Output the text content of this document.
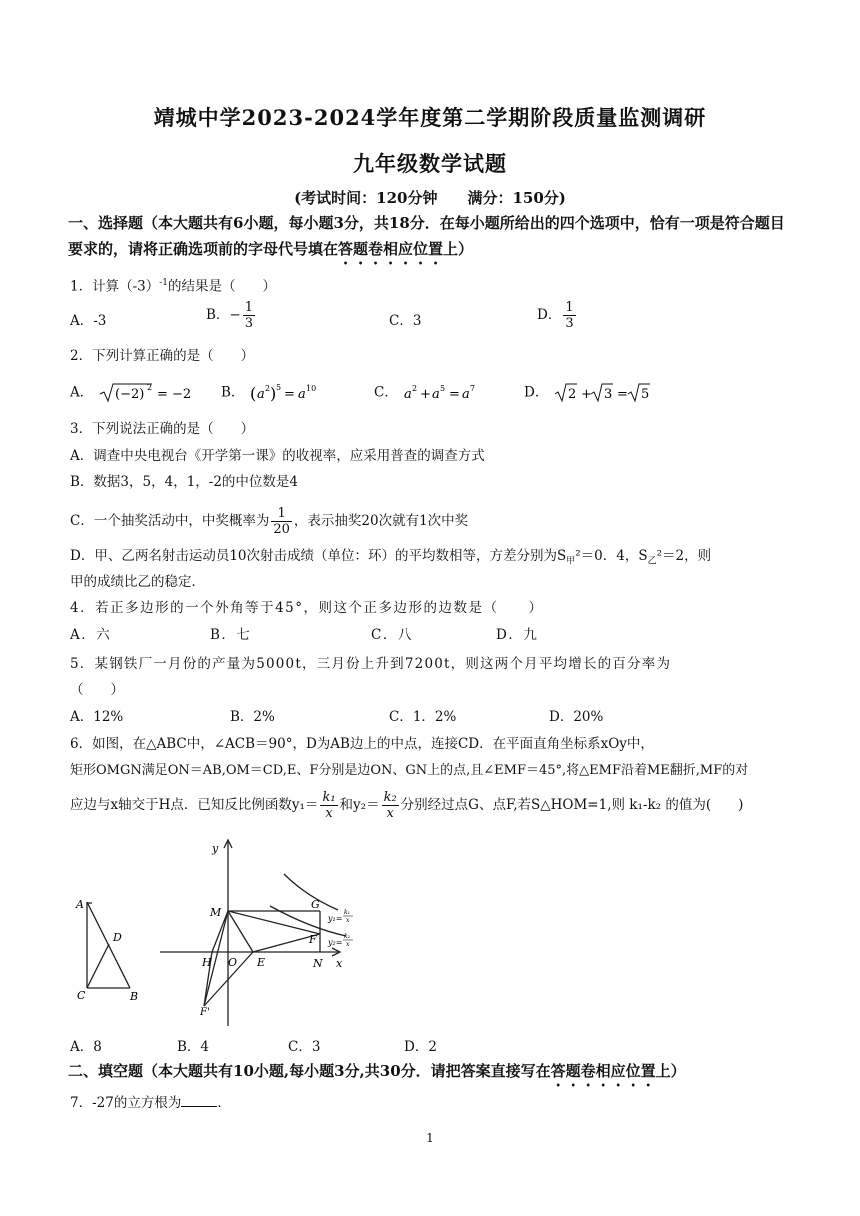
靖城中学2023-2024学年度第二学期阶段质量监测调研
九年级数学试题
(考试时间：120分钟　　满分：150分)
一、选择题（本大题共有6小题，每小题3分，共18分．在每小题所给出的四个选项中，恰有一项是符合题目要求的，请将正确选项前的字母代号填在答题卷相应位置上）
1．计算$(-3)^{-1}$的结果是（　　）
A．-3	B．− $\frac{1}{3}$	C．3	D． $\frac{1}{3}$
2．下列计算正确的是（　　）
A． (−2) 2 = −2 B． ( a 2 ) 5 = a 10	C． a 2 + a 5 = a 7	D． 2 + 3 = 5
3．下列说法正确的是（　　）
A．调查中央电视台《开学第一课》的收视率，应采用普查的调查方式
B．数据3，5，4，1，-2的中位数是4
C．一个抽奖活动中，中奖概率为 $\frac{1}{20}$ ，表示抽奖20次就有1次中奖
D．甲、乙两名射击运动员10次射击成绩（单位：环）的平均数相等，方差分别为$S_甲^2=0$．4，$S_乙^2=2$，则
甲的成绩比乙的稳定．
4．若正多边形的一个外角等于45°，则这个正多边形的边数是（　　）
A．六	B．七	C．八	D．九
5．某钢铁厂一月份的产量为5000t，三月份上升到7200t，则这两个月平均增长的百分率为
（　　）
A．12%	B．2%	C．1．2%	D．20%
6．如图，在△ABC中，∠ACB＝90°，D为AB边上的中点，连接CD．在平面直角坐标系xOy中，
矩形OMGN满足ON＝AB,OM＝CD,E、F分别是边ON、GN上的点,且∠EMF＝45°,将△EMF沿着ME翻折,MF的对
应边与x轴交于H点．已知反比例函数$y_1= \frac{\text{k₁}}{x}$ 和$y_2= \frac{\text{k₂}}{x}$ 分别经过点G、点F,若S△HOM=1,则 k₁-k₂ 的值为(　　)
A
D
C	B
y
x
M
G
F
H O E	N
F'
y₁=
k₁
x
y₂=
k₂
x
A．8	B．4	C．3	D．2
二、填空题（本大题共有10小题,每小题3分,共30分．请把答案直接写在答题卷相应位置上）
7．-27的立方根为	．
1
